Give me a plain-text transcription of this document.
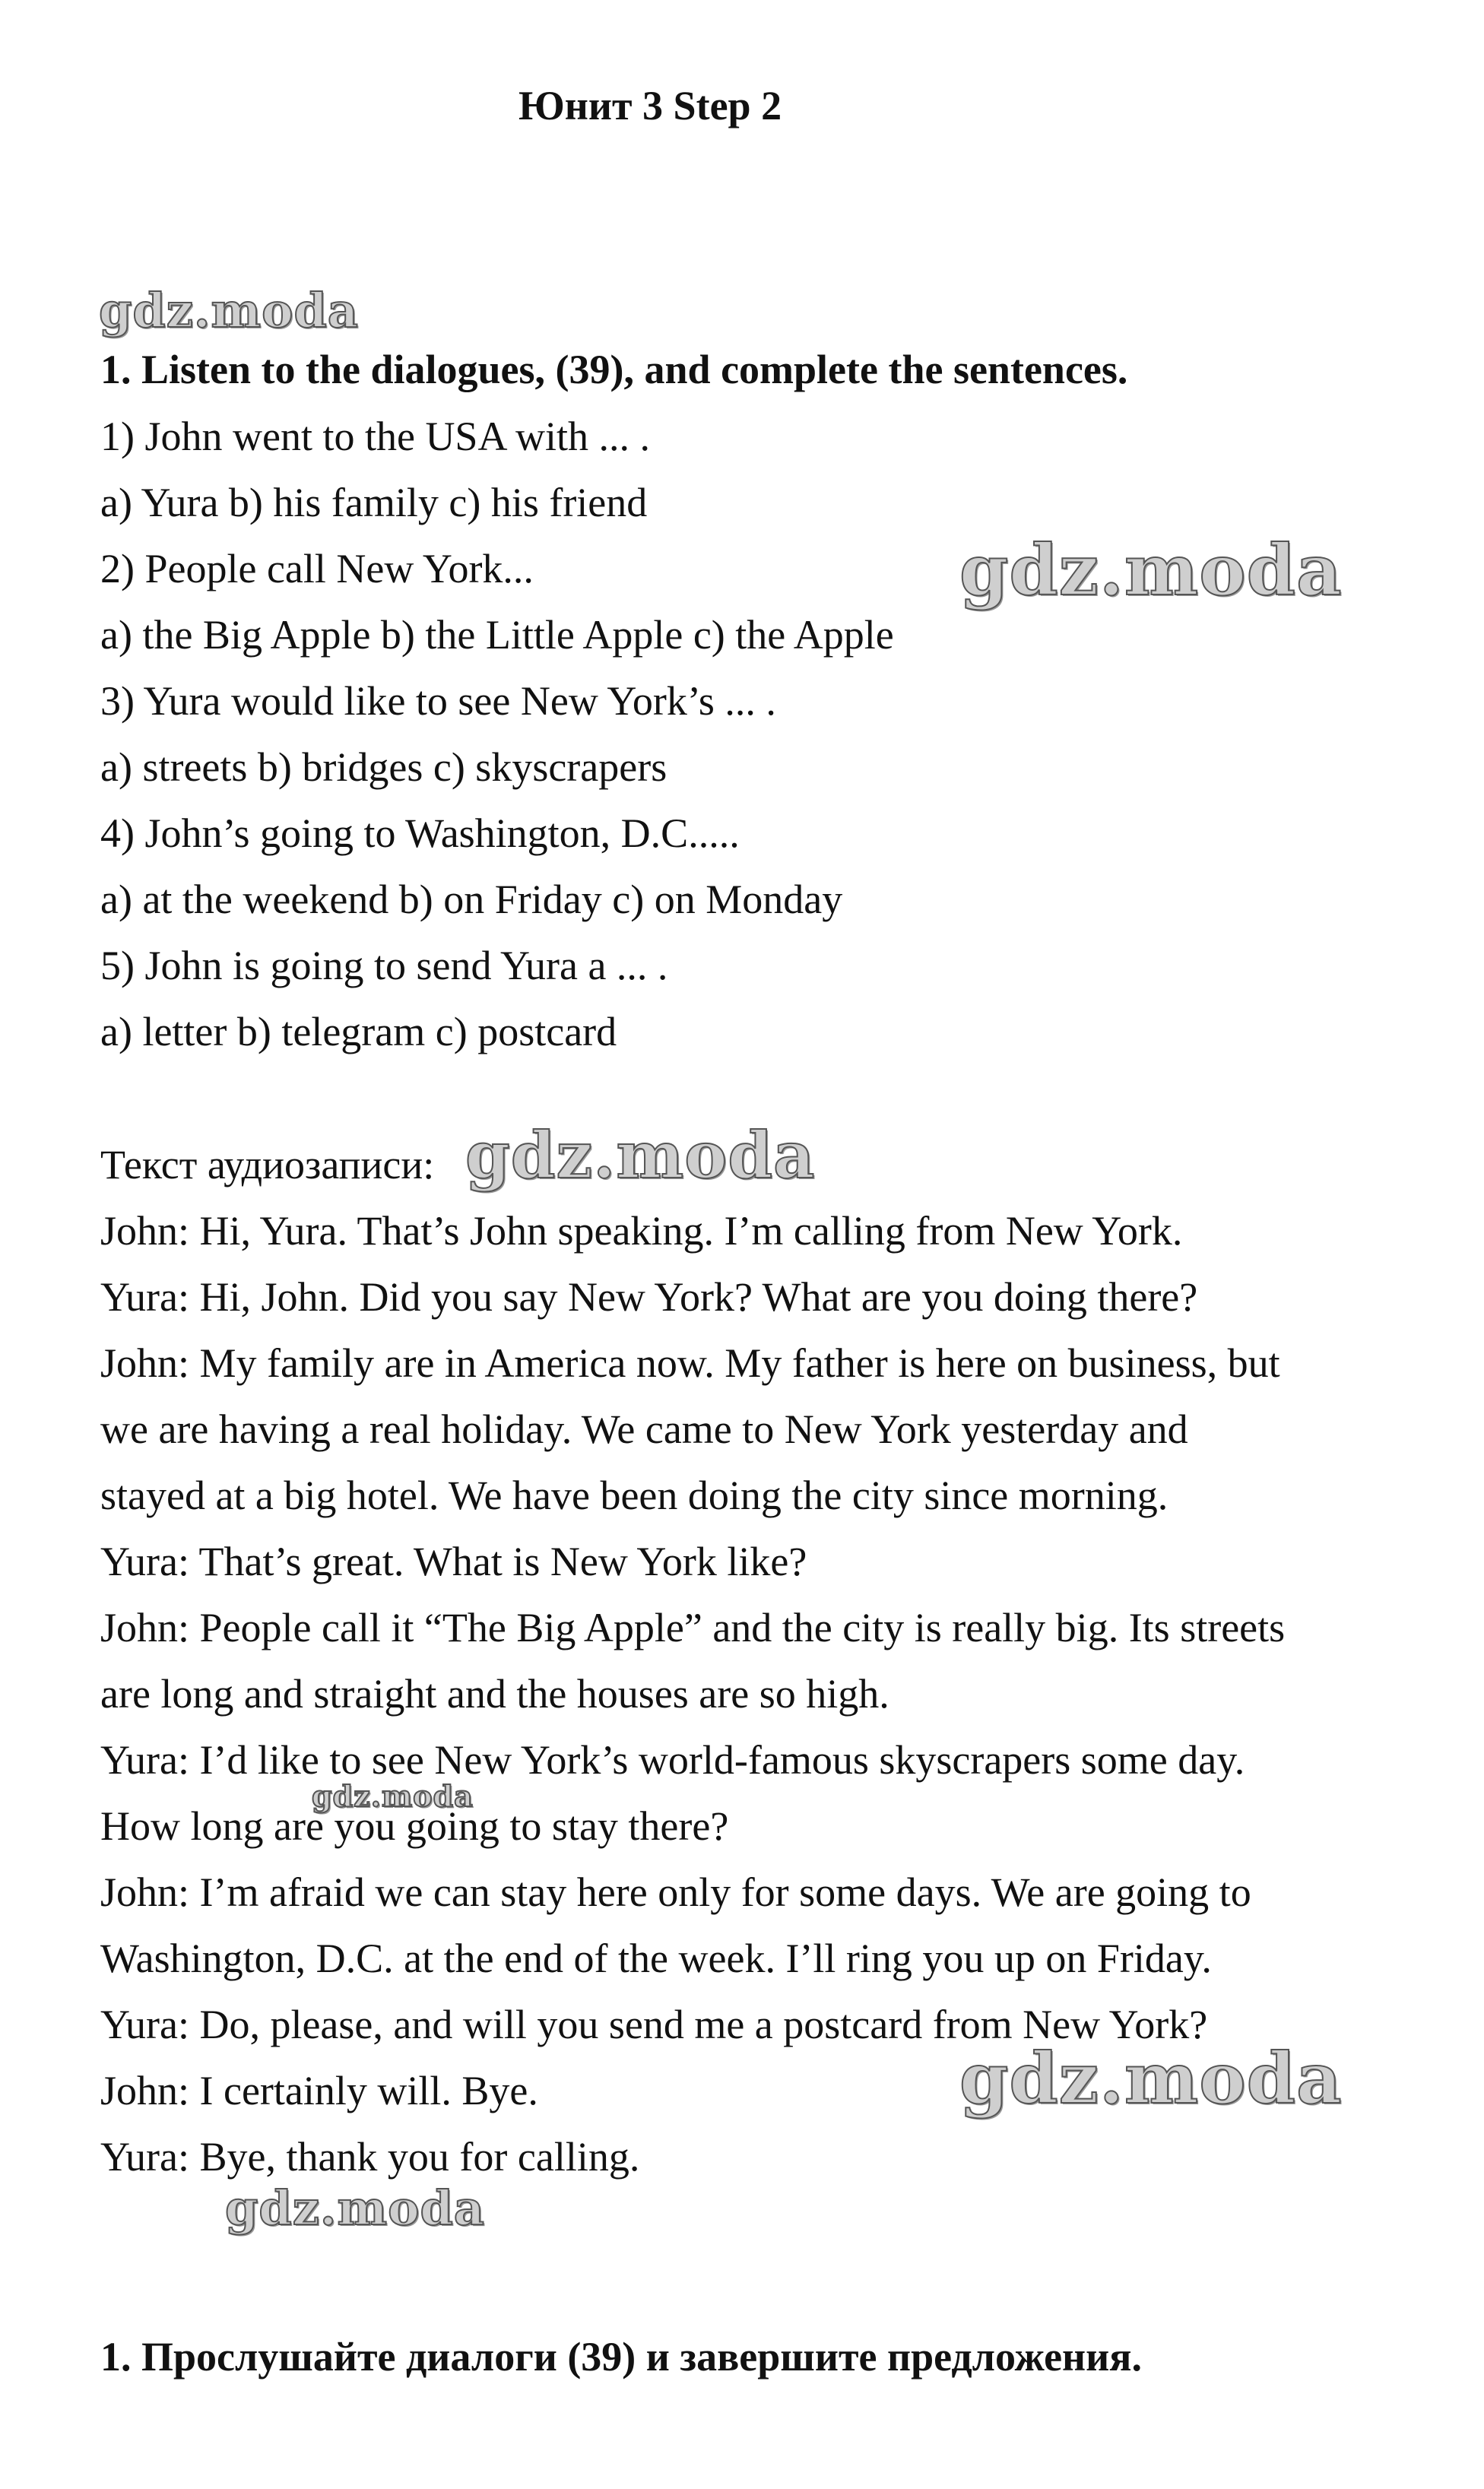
Юнит 3 Step 2
gdz.moda
gdz.moda
gdz.moda
gdz.moda
gdz.moda
gdz.moda
1. Listen to the dialogues, (39), and complete the sentences.
1) John went to the USA with ... .
a) Yura b) his family c) his friend
2) People call New York...
a) the Big Apple b) the Little Apple c) the Apple
3) Yura would like to see New York’s ... .
a) streets b) bridges c) skyscrapers
4) John’s going to Washington, D.C.....
a) at the weekend b) on Friday c) on Monday
5) John is going to send Yura a ... .
a) letter b) telegram c) postcard
Текст аудиозаписи:
John: Hi, Yura. That’s John speaking. I’m calling from New York.
Yura: Hi, John. Did you say New York? What are you doing there?
John: My family are in America now. My father is here on business, but
we are having a real holiday. We came to New York yesterday and
stayed at a big hotel. We have been doing the city since morning.
Yura: That’s great. What is New York like?
John: People call it “The Big Apple” and the city is really big. Its streets
are long and straight and the houses are so high.
Yura: I’d like to see New York’s world-famous skyscrapers some day.
How long are you going to stay there?
John: I’m afraid we can stay here only for some days. We are going to
Washington, D.C. at the end of the week. I’ll ring you up on Friday.
Yura: Do, please, and will you send me a postcard from New York?
John: I certainly will. Bye.
Yura: Bye, thank you for calling.
1. Прослушайте диалоги (39) и завершите предложения.
